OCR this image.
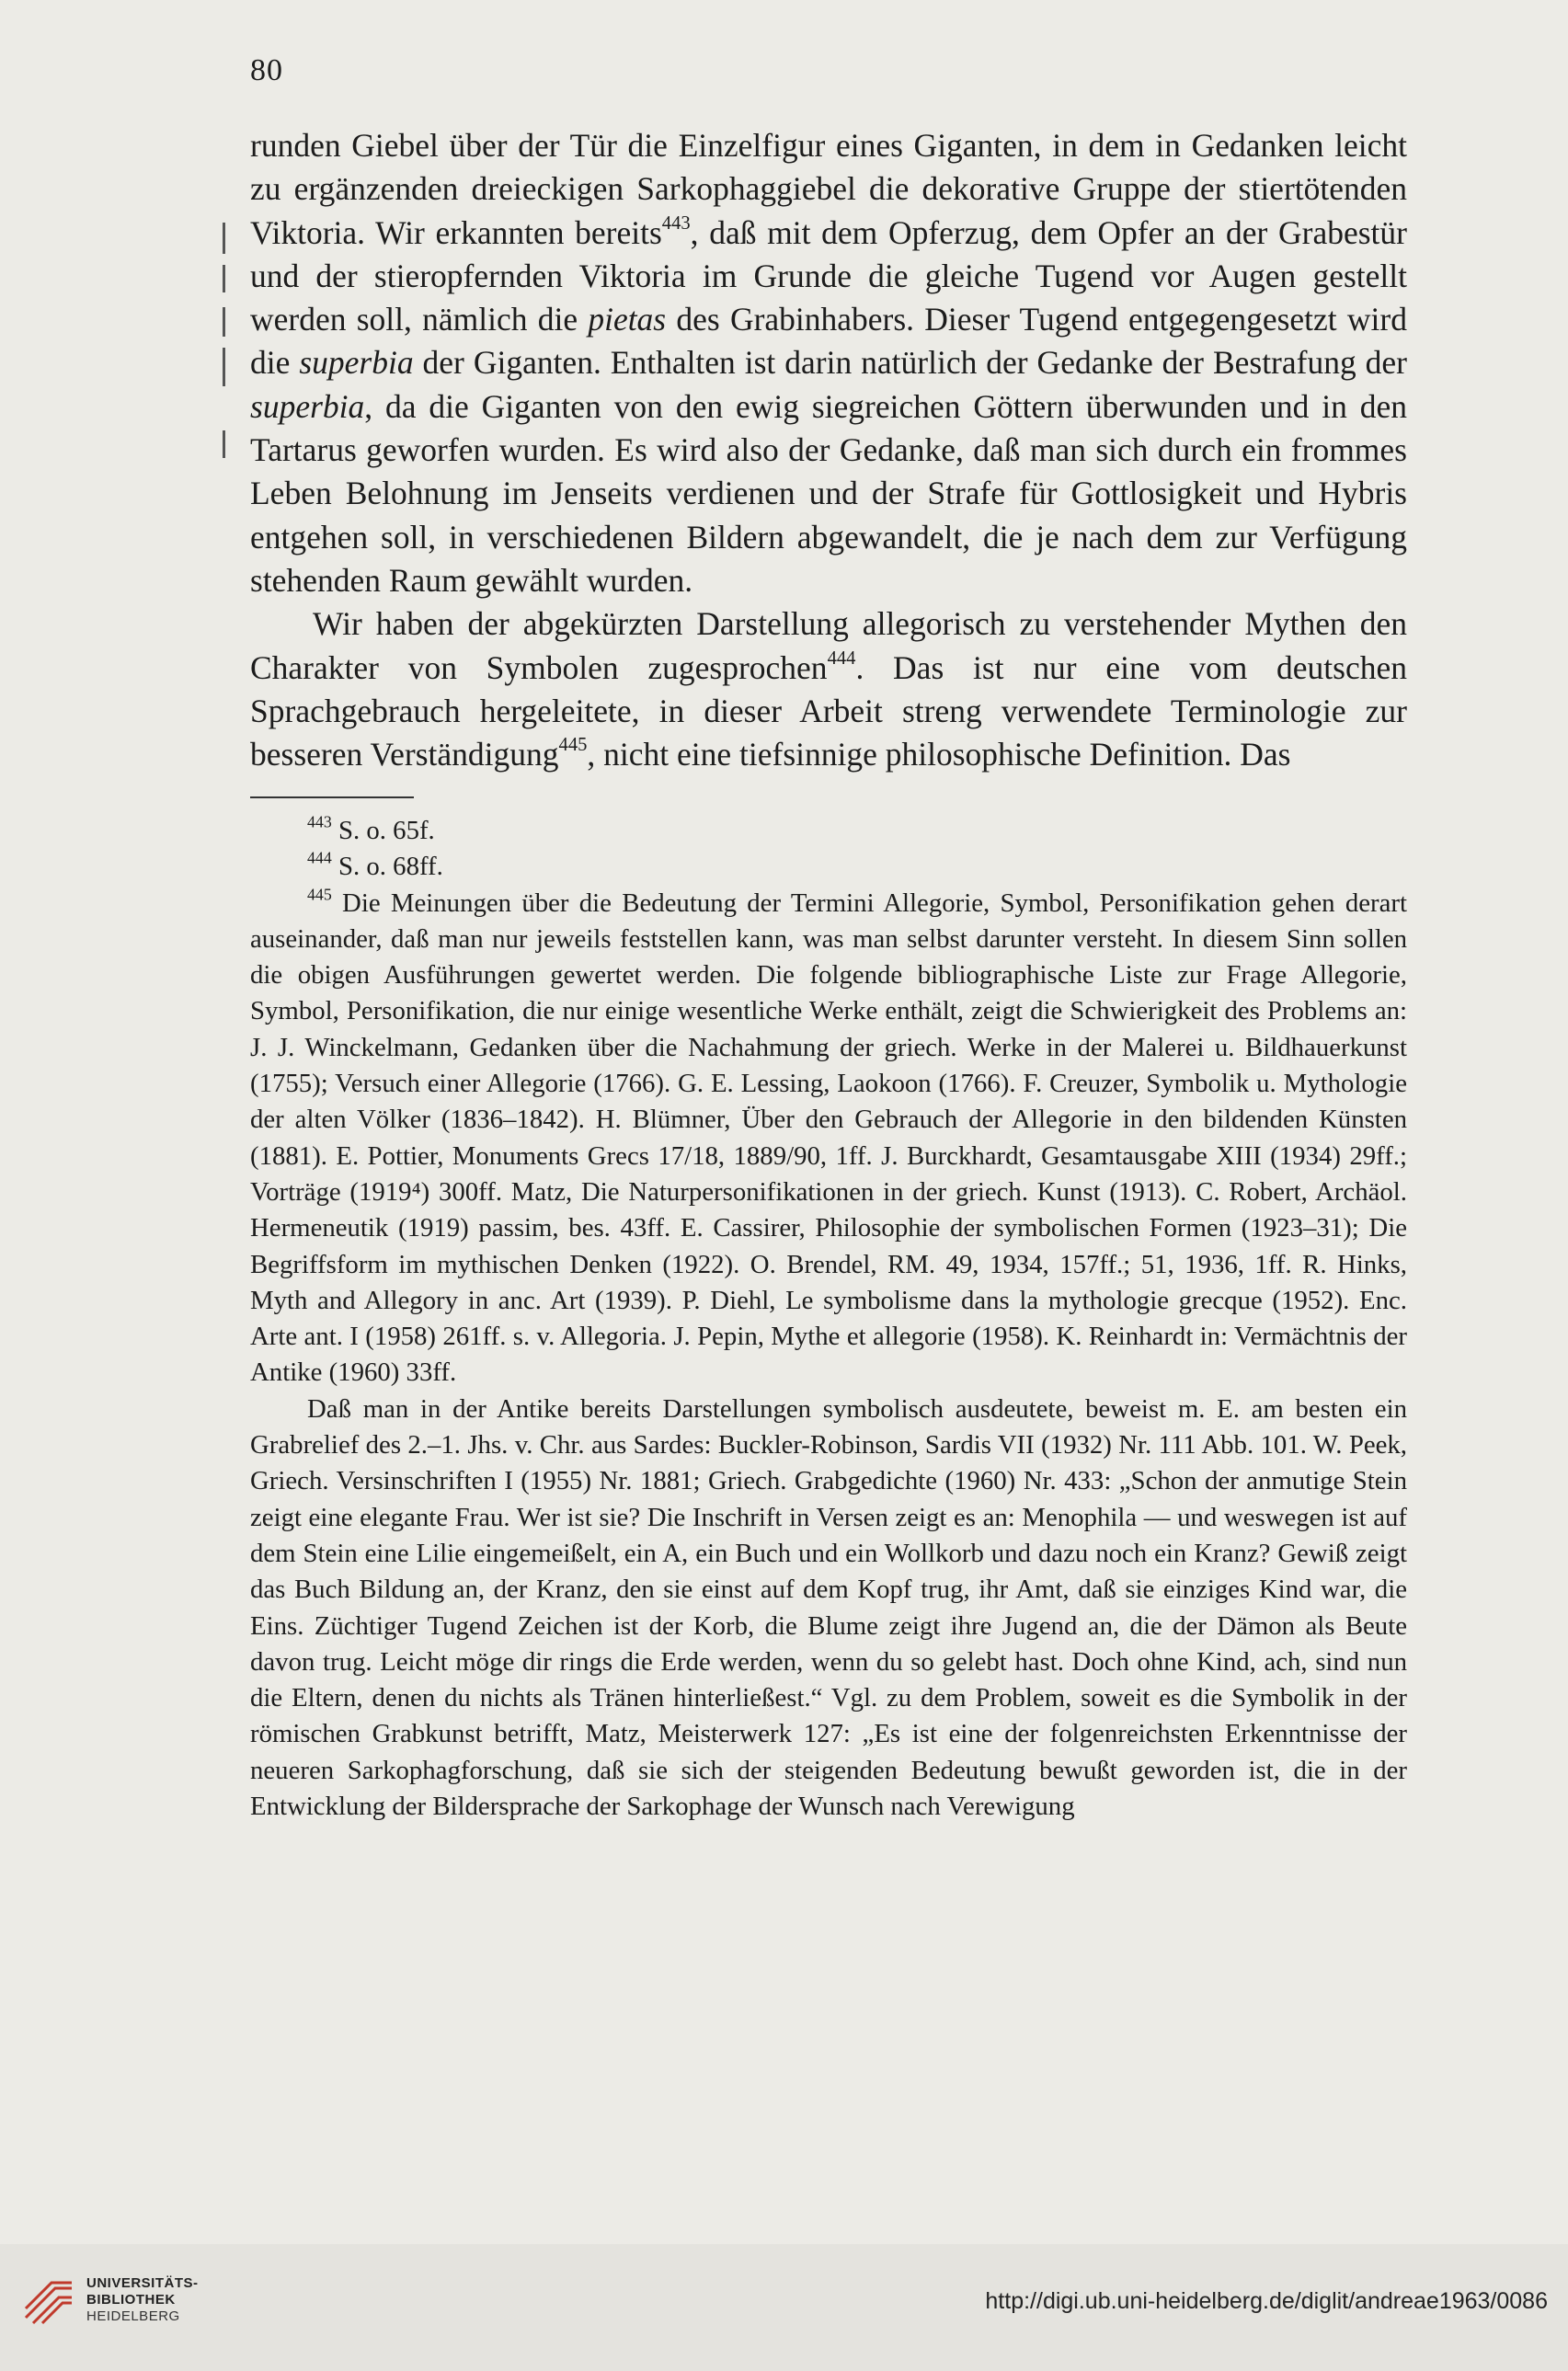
80

runden Giebel über der Tür die Einzelfigur eines Giganten, in dem in Gedanken leicht zu ergänzenden dreieckigen Sarkophaggiebel die dekorative Gruppe der stiertötenden Viktoria. Wir erkannten bereits$^{443}$, daß mit dem Opferzug, dem Opfer an der Grabestür und der stieropfernden Viktoria im Grunde die gleiche Tugend vor Augen gestellt werden soll, nämlich die pietas des Grabinhabers. Dieser Tugend entgegengesetzt wird die superbia der Giganten. Enthalten ist darin natürlich der Gedanke der Bestrafung der superbia, da die Giganten von den ewig siegreichen Göttern überwunden und in den Tartarus geworfen wurden. Es wird also der Gedanke, daß man sich durch ein frommes Leben Belohnung im Jenseits verdienen und der Strafe für Gottlosigkeit und Hybris entgehen soll, in verschiedenen Bildern abgewandelt, die je nach dem zur Verfügung stehenden Raum gewählt wurden.

Wir haben der abgekürzten Darstellung allegorisch zu verstehender Mythen den Charakter von Symbolen zugesprochen$^{444}$. Das ist nur eine vom deutschen Sprachgebrauch hergeleitete, in dieser Arbeit streng verwendete Terminologie zur besseren Verständigung$^{445}$, nicht eine tiefsinnige philosophische Definition. Das

$^{443}$ S. o. 65f.

$^{444}$ S. o. 68ff.

$^{445}$ Die Meinungen über die Bedeutung der Termini Allegorie, Symbol, Personifikation gehen derart auseinander, daß man nur jeweils feststellen kann, was man selbst darunter versteht. In diesem Sinn sollen die obigen Ausführungen gewertet werden. Die folgende bibliographische Liste zur Frage Allegorie, Symbol, Personifikation, die nur einige wesentliche Werke enthält, zeigt die Schwierigkeit des Problems an: J. J. Winckelmann, Gedanken über die Nachahmung der griech. Werke in der Malerei u. Bildhauerkunst (1755); Versuch einer Allegorie (1766). G. E. Lessing, Laokoon (1766). F. Creuzer, Symbolik u. Mythologie der alten Völker (1836–1842). H. Blümner, Über den Gebrauch der Allegorie in den bildenden Künsten (1881). E. Pottier, Monuments Grecs 17/18, 1889/90, 1ff. J. Burckhardt, Gesamtausgabe XIII (1934) 29ff.; Vorträge (1919⁴) 300ff. Matz, Die Naturpersonifikationen in der griech. Kunst (1913). C. Robert, Archäol. Hermeneutik (1919) passim, bes. 43ff. E. Cassirer, Philosophie der symbolischen Formen (1923–31); Die Begriffsform im mythischen Denken (1922). O. Brendel, RM. 49, 1934, 157ff.; 51, 1936, 1ff. R. Hinks, Myth and Allegory in anc. Art (1939). P. Diehl, Le symbolisme dans la mythologie grecque (1952). Enc. Arte ant. I (1958) 261ff. s. v. Allegoria. J. Pepin, Mythe et allegorie (1958). K. Reinhardt in: Vermächtnis der Antike (1960) 33ff.

Daß man in der Antike bereits Darstellungen symbolisch ausdeutete, beweist m. E. am besten ein Grabrelief des 2.–1. Jhs. v. Chr. aus Sardes: Buckler-Robinson, Sardis VII (1932) Nr. 111 Abb. 101. W. Peek, Griech. Versinschriften I (1955) Nr. 1881; Griech. Grabgedichte (1960) Nr. 433: „Schon der anmutige Stein zeigt eine elegante Frau. Wer ist sie? Die Inschrift in Versen zeigt es an: Menophila — und weswegen ist auf dem Stein eine Lilie eingemeißelt, ein A, ein Buch und ein Wollkorb und dazu noch ein Kranz? Gewiß zeigt das Buch Bildung an, der Kranz, den sie einst auf dem Kopf trug, ihr Amt, daß sie einziges Kind war, die Eins. Züchtiger Tugend Zeichen ist der Korb, die Blume zeigt ihre Jugend an, die der Dämon als Beute davon trug. Leicht möge dir rings die Erde werden, wenn du so gelebt hast. Doch ohne Kind, ach, sind nun die Eltern, denen du nichts als Tränen hinterließest.“ Vgl. zu dem Problem, soweit es die Symbolik in der römischen Grabkunst betrifft, Matz, Meisterwerk 127: „Es ist eine der folgenreichsten Erkenntnisse der neueren Sarkophagforschung, daß sie sich der steigenden Bedeutung bewußt geworden ist, die in der Entwicklung der Bildersprache der Sarkophage der Wunsch nach Verewigung

UNIVERSITÄTS-
BIBLIOTHEK
HEIDELBERG
http://digi.ub.uni-heidelberg.de/diglit/andreae1963/0086
